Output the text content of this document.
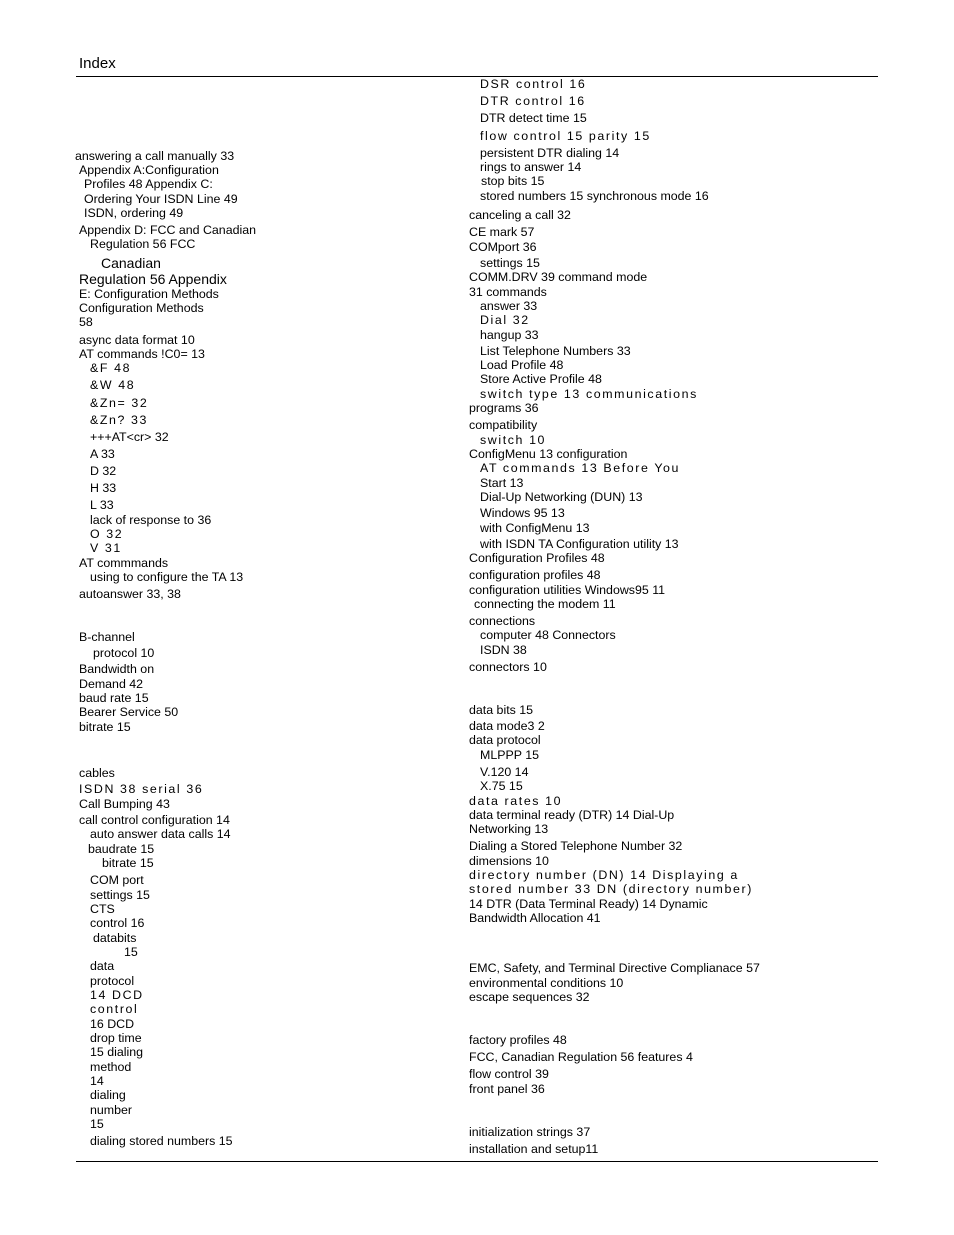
Index
answering a call manually 33
Appendix A:Configuration
Profiles 48 Appendix C:
Ordering Your ISDN Line 49
ISDN, ordering 49
Appendix D: FCC and Canadian
Regulation 56 FCC
Canadian
Regulation 56 Appendix
E: Configuration Methods
Configuration Methods
58
async data format 10
AT commands !C0= 13
&F 48
&W 48
&Zn= 32
&Zn? 33
+++AT<cr> 32
A 33
D 32
H 33
L 33
lack of response to 36
O 32
V 31
AT commmands
using to configure the TA 13
autoanswer 33, 38
B-channel
protocol 10
Bandwidth on
Demand 42
baud rate 15
Bearer Service 50
bitrate 15
cables
ISDN 38 serial 36
Call Bumping 43
call control configuration 14
auto answer data calls 14
baudrate 15
bitrate 15
COM port
settings 15
CTS
control 16
databits
15
data
protocol
14 DCD
control
16 DCD
drop time
15 dialing
method
14
dialing
number
15
dialing stored numbers 15
DSR control 16
DTR control 16
DTR detect time 15
flow control 15 parity 15
persistent DTR dialing 14
rings to answer 14
stop bits 15
stored numbers 15 synchronous mode 16
canceling a call 32
CE mark 57
COMport 36
settings 15
COMM.DRV 39 command mode
31 commands
answer 33
Dial 32
hangup 33
List Telephone Numbers 33
Load Profile 48
Store Active Profile 48
switch type 13 communications
programs 36
compatibility
switch 10
ConfigMenu 13 configuration
AT commands 13 Before You
Start 13
Dial-Up Networking (DUN) 13
Windows 95 13
with ConfigMenu 13
with ISDN TA Configuration utility 13
Configuration Profiles 48
configuration profiles 48
configuration utilities Windows95 11
connecting the modem 11
connections
computer 48 Connectors
ISDN 38
connectors 10
data bits 15
data mode3 2
data protocol
MLPPP 15
V.120 14
X.75 15
data rates 10
data terminal ready (DTR) 14 Dial-Up
Networking 13
Dialing a Stored Telephone Number 32
dimensions 10
directory number (DN) 14 Displaying a
stored number 33 DN (directory number)
14 DTR (Data Terminal Ready) 14 Dynamic
Bandwidth Allocation 41
EMC, Safety, and Terminal Directive Complianace 57
environmental conditions 10
escape sequences 32
factory profiles 48
FCC, Canadian Regulation 56 features 4
flow control 39
front panel 36
initialization strings 37
installation and setup11
